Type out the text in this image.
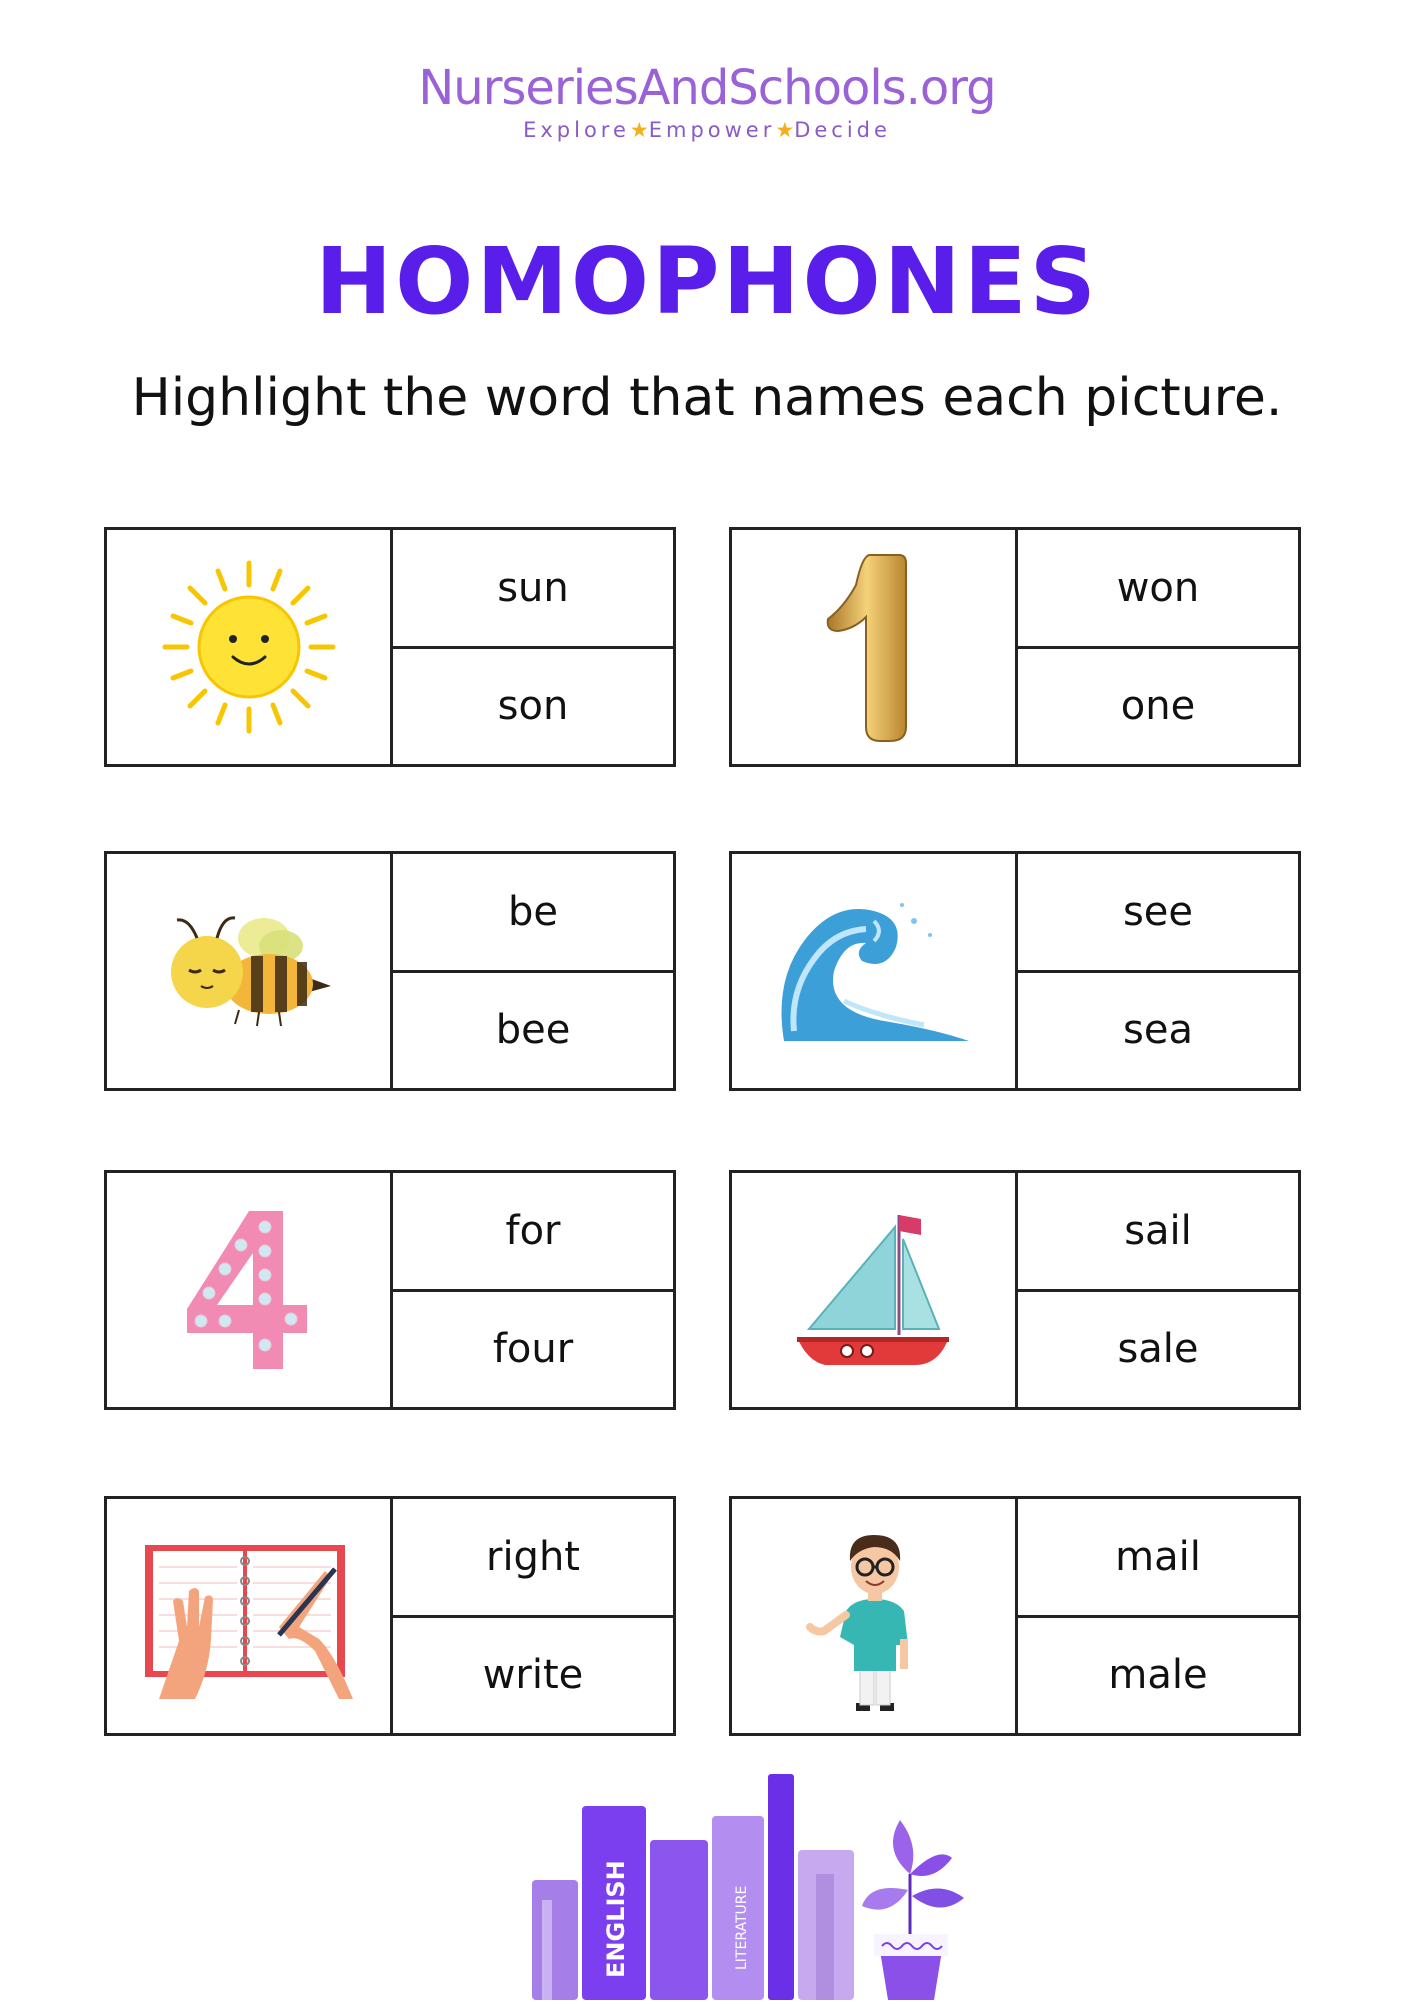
NurseriesAndSchools.org
Explore★Empower★Decide
HOMOPHONES
Highlight the word that names each picture.
sun
son
won
one
be
bee
see
sea
for
four
sail
sale
right
write
mail
male
ENGLISH	LITERATURE
